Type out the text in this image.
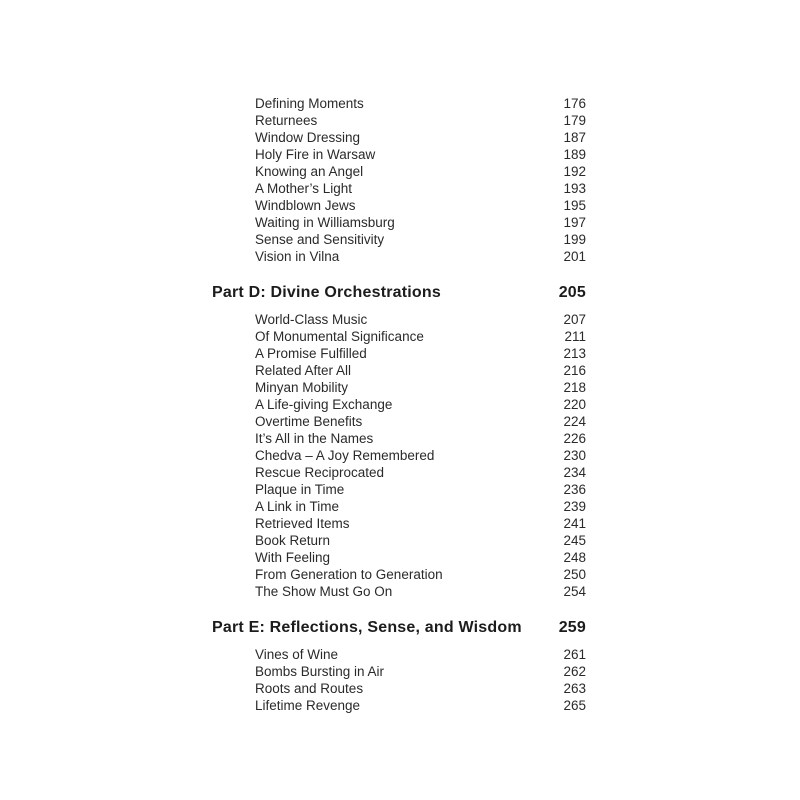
Defining Moments	176
Returnees	179
Window Dressing	187
Holy Fire in Warsaw	189
Knowing an Angel	192
A Mother’s Light	193
Windblown Jews	195
Waiting in Williamsburg	197
Sense and Sensitivity	199
Vision in Vilna	201
Part D: Divine Orchestrations	205
World-Class Music	207
Of Monumental Significance	211
A Promise Fulfilled	213
Related After All	216
Minyan Mobility	218
A Life-giving Exchange	220
Overtime Benefits	224
It’s All in the Names	226
Chedva – A Joy Remembered	230
Rescue Reciprocated	234
Plaque in Time	236
A Link in Time	239
Retrieved Items	241
Book Return	245
With Feeling	248
From Generation to Generation	250
The Show Must Go On	254
Part E: Reflections, Sense, and Wisdom 259
Vines of Wine	261
Bombs Bursting in Air	262
Roots and Routes	263
Lifetime Revenge	265
